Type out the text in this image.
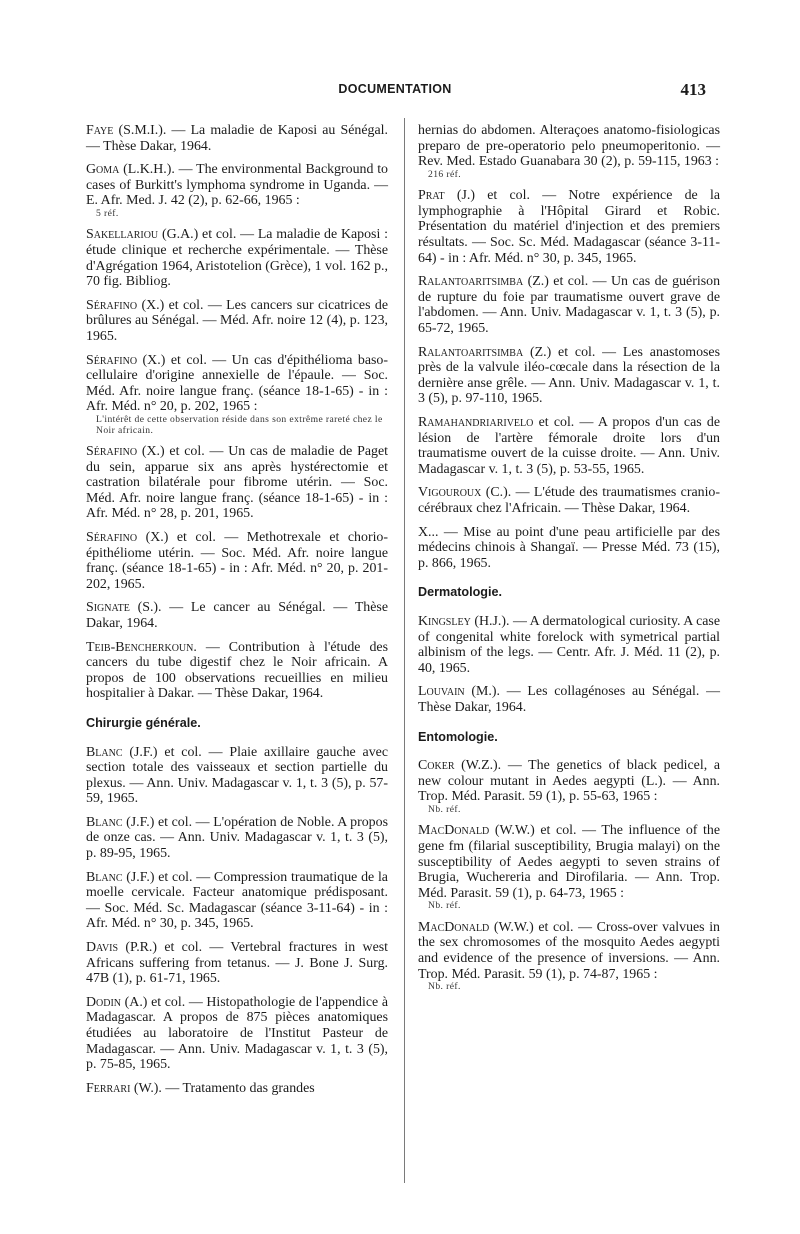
DOCUMENTATION	413

Faye (S.M.I.). — La maladie de Kaposi au Sénégal. — Thèse Dakar, 1964.

Goma (L.K.H.). — The environmental Background to cases of Burkitt's lymphoma syndrome in Uganda. — E. Afr. Med. J. 42 (2), p. 62-66, 1965 :
5 réf.

Sakellariou (G.A.) et col. — La maladie de Kaposi : étude clinique et recherche expérimentale. — Thèse d'Agrégation 1964, Aristotelion (Grèce), 1 vol. 162 p., 70 fig. Bibliog.

Sérafino (X.) et col. — Les cancers sur cicatrices de brûlures au Sénégal. — Méd. Afr. noire 12 (4), p. 123, 1965.

Sérafino (X.) et col. — Un cas d'épithélioma baso-cellulaire d'origine annexielle de l'épaule. — Soc. Méd. Afr. noire langue franç. (séance 18-1-65) - in : Afr. Méd. n° 20, p. 202, 1965 :
L'intérêt de cette observation réside dans son extrême rareté chez le Noir africain.

Sérafino (X.) et col. — Un cas de maladie de Paget du sein, apparue six ans après hystérectomie et castration bilatérale pour fibrome utérin. — Soc. Méd. Afr. noire langue franç. (séance 18-1-65) - in : Afr. Méd. n° 28, p. 201, 1965.

Sérafino (X.) et col. — Methotrexale et chorio-épithéliome utérin. — Soc. Méd. Afr. noire langue franç. (séance 18-1-65) - in : Afr. Méd. n° 20, p. 201-202, 1965.

Signate (S.). — Le cancer au Sénégal. — Thèse Dakar, 1964.

Teib-Bencherkoun. — Contribution à l'étude des cancers du tube digestif chez le Noir africain. A propos de 100 observations recueillies en milieu hospitalier à Dakar. — Thèse Dakar, 1964.

Chirurgie générale.

Blanc (J.F.) et col. — Plaie axillaire gauche avec section totale des vaisseaux et section partielle du plexus. — Ann. Univ. Madagascar v. 1, t. 3 (5), p. 57-59, 1965.

Blanc (J.F.) et col. — L'opération de Noble. A propos de onze cas. — Ann. Univ. Madagascar v. 1, t. 3 (5), p. 89-95, 1965.

Blanc (J.F.) et col. — Compression traumatique de la moelle cervicale. Facteur anatomique prédisposant. — Soc. Méd. Sc. Madagascar (séance 3-11-64) - in : Afr. Méd. n° 30, p. 345, 1965.

Davis (P.R.) et col. — Vertebral fractures in west Africans suffering from tetanus. — J. Bone J. Surg. 47B (1), p. 61-71, 1965.

Dodin (A.) et col. — Histopathologie de l'appendice à Madagascar. A propos de 875 pièces anatomiques étudiées au laboratoire de l'Institut Pasteur de Madagascar. — Ann. Univ. Madagascar v. 1, t. 3 (5), p. 75-85, 1965.

Ferrari (W.). — Tratamento das grandes

hernias do abdomen. Alteraçoes anatomo-fisiologicas preparo de pre-operatorio pelo pneumoperitonio. — Rev. Med. Estado Guanabara 30 (2), p. 59-115, 1963 :
216 réf.

Prat (J.) et col. — Notre expérience de la lymphographie à l'Hôpital Girard et Robic. Présentation du matériel d'injection et des premiers résultats. — Soc. Sc. Méd. Madagascar (séance 3-11-64) - in : Afr. Méd. n° 30, p. 345, 1965.

Ralantoaritsimba (Z.) et col. — Un cas de guérison de rupture du foie par traumatisme ouvert grave de l'abdomen. — Ann. Univ. Madagascar v. 1, t. 3 (5), p. 65-72, 1965.

Ralantoaritsimba (Z.) et col. — Les anastomoses près de la valvule iléo-cœcale dans la résection de la dernière anse grêle. — Ann. Univ. Madagascar v. 1, t. 3 (5), p. 97-110, 1965.

Ramahandriarivelo et col. — A propos d'un cas de lésion de l'artère fémorale droite lors d'un traumatisme ouvert de la cuisse droite. — Ann. Univ. Madagascar v. 1, t. 3 (5), p. 53-55, 1965.

Vigouroux (C.). — L'étude des traumatismes cranio-cérébraux chez l'Africain. — Thèse Dakar, 1964.

X... — Mise au point d'une peau artificielle par des médecins chinois à Shangaï. — Presse Méd. 73 (15), p. 866, 1965.

Dermatologie.

Kingsley (H.J.). — A dermatological curiosity. A case of congenital white forelock with symetrical partial albinism of the legs. — Centr. Afr. J. Méd. 11 (2), p. 40, 1965.

Louvain (M.). — Les collagénoses au Sénégal. — Thèse Dakar, 1964.

Entomologie.

Coker (W.Z.). — The genetics of black pedicel, a new colour mutant in Aedes aegypti (L.). — Ann. Trop. Méd. Parasit. 59 (1), p. 55-63, 1965 :
Nb. réf.

MacDonald (W.W.) et col. — The influence of the gene fm (filarial susceptibility, Brugia malayi) on the susceptibility of Aedes aegypti to seven strains of Brugia, Wuchereria and Dirofilaria. — Ann. Trop. Méd. Parasit. 59 (1), p. 64-73, 1965 :
Nb. réf.

MacDonald (W.W.) et col. — Cross-over valvues in the sex chromosomes of the mosquito Aedes aegypti and evidence of the presence of inversions. — Ann. Trop. Méd. Parasit. 59 (1), p. 74-87, 1965 :
Nb. réf.
